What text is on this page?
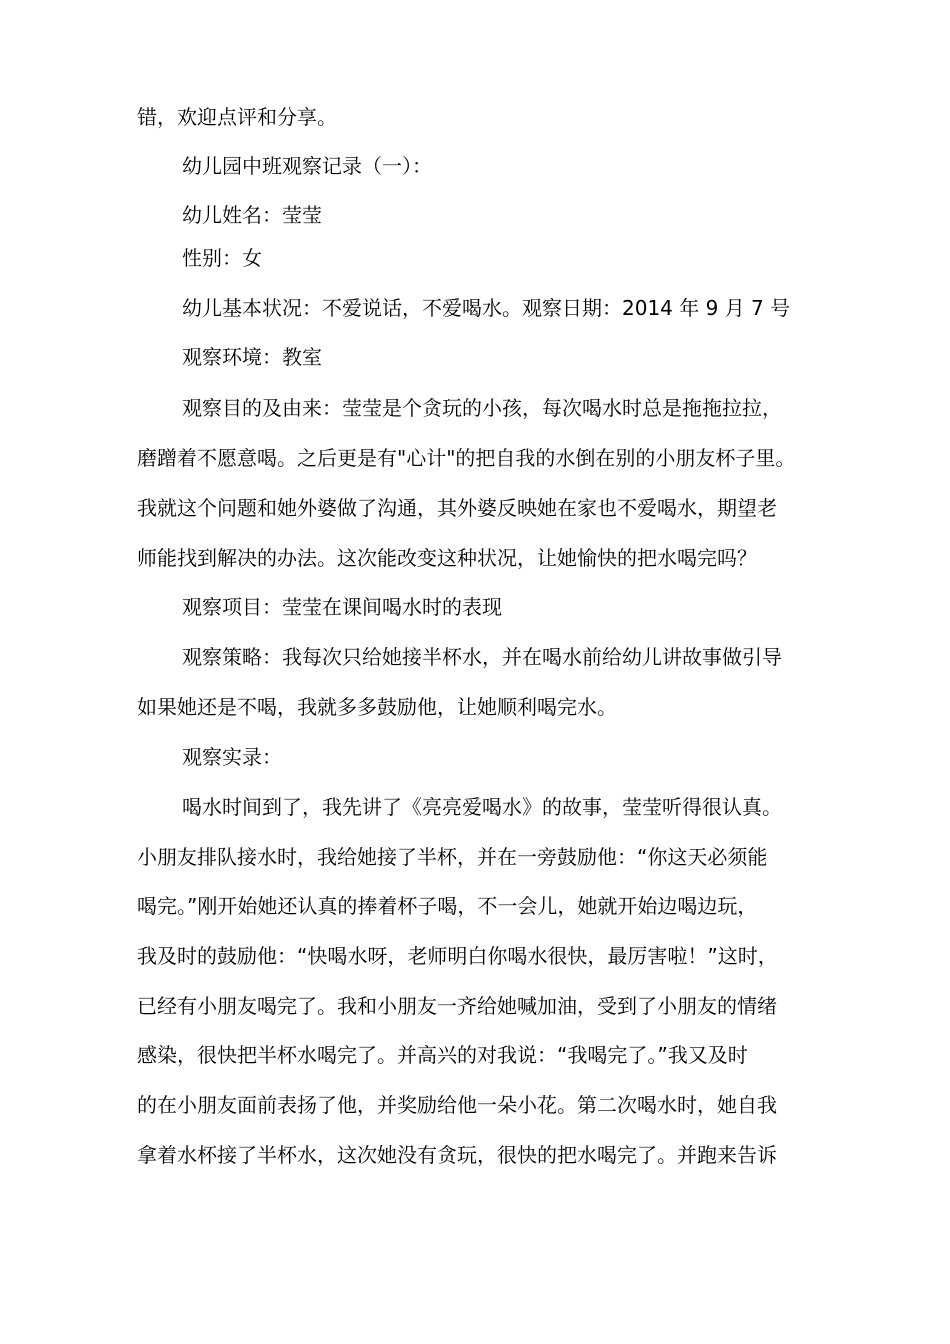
错，欢迎点评和分享。

幼儿园中班观察记录（一）：

幼儿姓名：莹莹

性别：女

幼儿基本状况：不爱说话，不爱喝水。观察日期：2014 年 9 月 7 号

观察环境：教室

观察目的及由来：莹莹是个贪玩的小孩，每次喝水时总是拖拖拉拉，

磨蹭着不愿意喝。之后更是有"心计"的把自我的水倒在别的小朋友杯子里。

我就这个问题和她外婆做了沟通，其外婆反映她在家也不爱喝水，期望老

师能找到解决的办法。这次能改变这种状况，让她愉快的把水喝完吗？

观察项目：莹莹在课间喝水时的表现

观察策略：我每次只给她接半杯水，并在喝水前给幼儿讲故事做引导

如果她还是不喝，我就多多鼓励他，让她顺利喝完水。

观察实录：

喝水时间到了，我先讲了《亮亮爱喝水》的故事，莹莹听得很认真。

小朋友排队接水时，我给她接了半杯，并在一旁鼓励他：“你这天必须能

喝完。”刚开始她还认真的捧着杯子喝，不一会儿，她就开始边喝边玩，

我及时的鼓励他：“快喝水呀，老师明白你喝水很快，最厉害啦！”这时，

已经有小朋友喝完了。我和小朋友一齐给她喊加油，受到了小朋友的情绪

感染，很快把半杯水喝完了。并高兴的对我说：“我喝完了。”我又及时

的在小朋友面前表扬了他，并奖励给他一朵小花。第二次喝水时，她自我

拿着水杯接了半杯水，这次她没有贪玩，很快的把水喝完了。并跑来告诉
